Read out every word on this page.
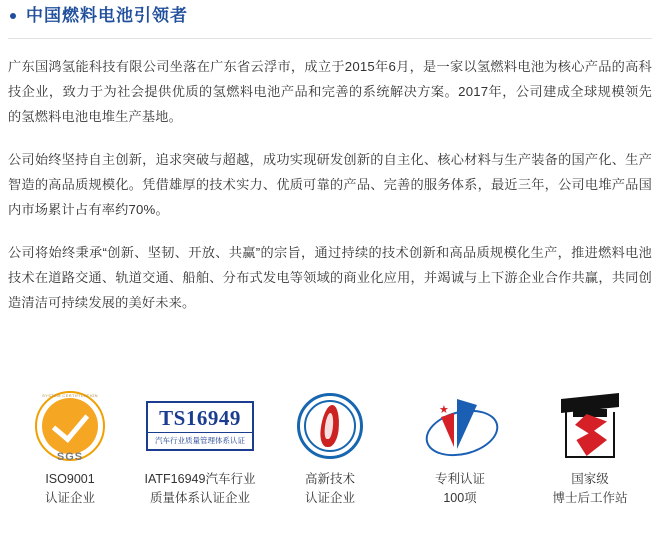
中国燃料电池引领者

广东国鸿氢能科技有限公司坐落在广东省云浮市，成立于2015年6月，是一家以氢燃料电池为核心产品的高科技企业，致力于为社会提供优质的氢燃料电池产品和完善的系统解决方案。2017年，公司建成全球规模领先的氢燃料电池电堆生产基地。

公司始终坚持自主创新，追求突破与超越，成功实现研发创新的自主化、核心材料与生产装备的国产化、生产智造的高品质规模化。凭借雄厚的技术实力、优质可靠的产品、完善的服务体系，最近三年，公司电堆产品国内市场累计占有率约70%。

公司将始终秉承“创新、坚韧、开放、共赢”的宗旨，通过持续的技术创新和高品质规模化生产，推进燃料电池技术在道路交通、轨道交通、船舶、分布式发电等领域的商业化应用，并竭诚与上下游企业合作共赢，共同创造清洁可持续发展的美好未来。

SYSTEM CERTIFICATION
SGS
ISO9001
认证企业
TS16949
汽车行业质量管理体系认证
IATF16949汽车行业
质量体系认证企业
高新技术
认证企业
★
专利认证
100项
国家级
博士后工作站
